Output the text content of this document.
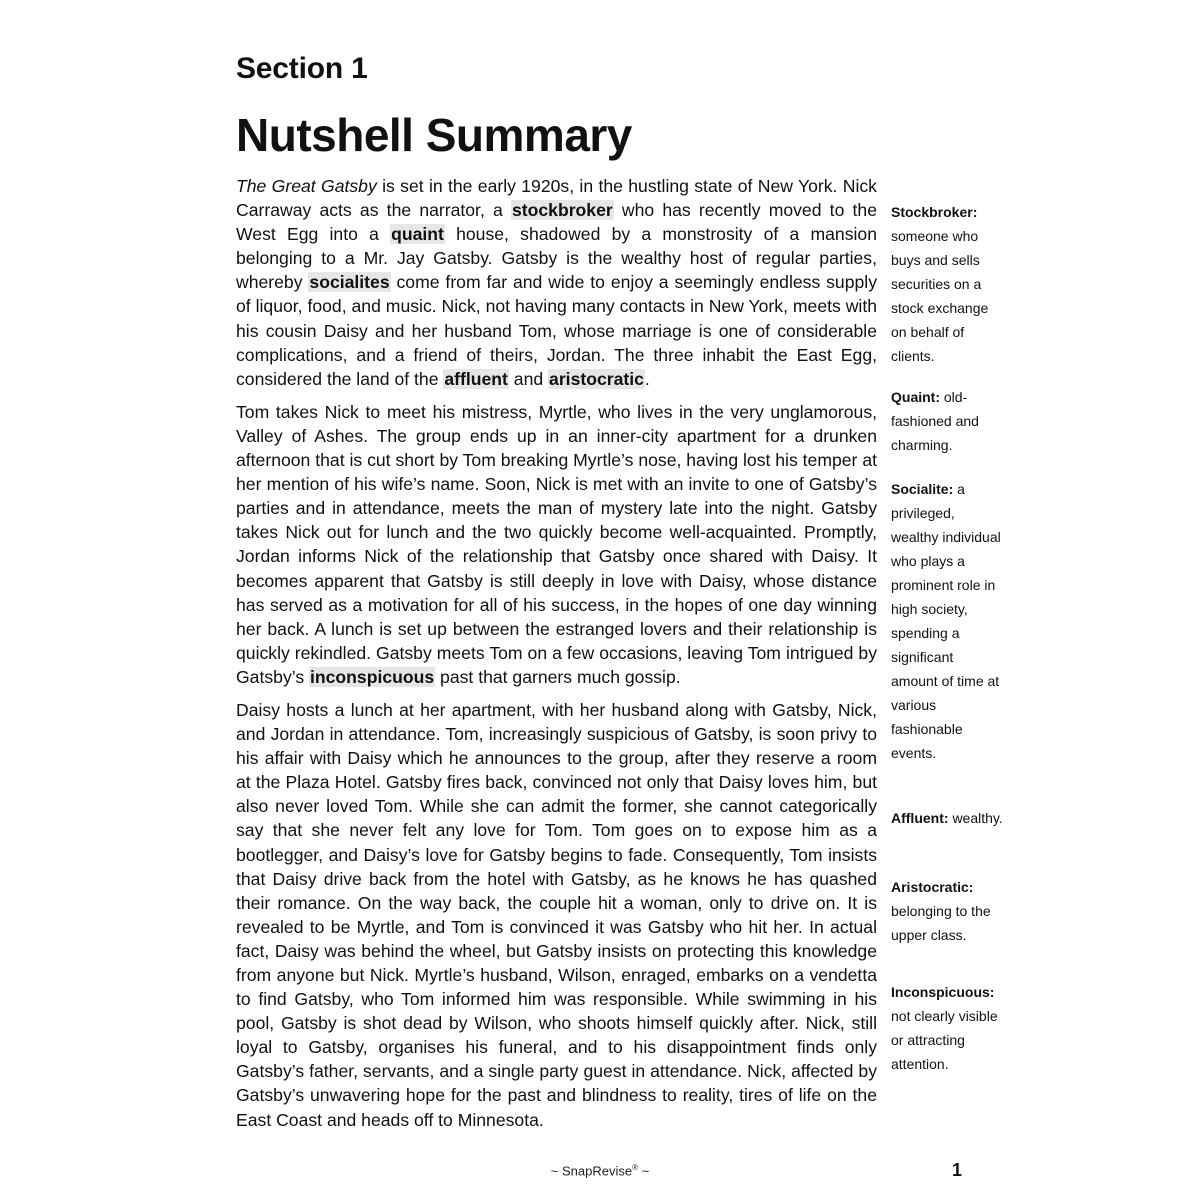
Section 1
Nutshell Summary

The Great Gatsby is set in the early 1920s, in the hustling state of New York. Nick Carraway acts as the narrator, a stockbroker who has recently moved to the West Egg into a quaint house, shadowed by a monstrosity of a mansion belonging to a Mr. Jay Gatsby. Gatsby is the wealthy host of regular parties, whereby socialites come from far and wide to enjoy a seemingly endless supply of liquor, food, and music. Nick, not having many contacts in New York, meets with his cousin Daisy and her husband Tom, whose marriage is one of considerable complications, and a friend of theirs, Jordan. The three inhabit the East Egg, considered the land of the affluent and aristocratic.

Tom takes Nick to meet his mistress, Myrtle, who lives in the very unglamorous, Valley of Ashes. The group ends up in an inner-city apartment for a drunken afternoon that is cut short by Tom breaking Myrtle’s nose, having lost his temper at her mention of his wife’s name. Soon, Nick is met with an invite to one of Gatsby’s parties and in attendance, meets the man of mystery late into the night. Gatsby takes Nick out for lunch and the two quickly become well-acquainted. Promptly, Jordan informs Nick of the relationship that Gatsby once shared with Daisy. It becomes apparent that Gatsby is still deeply in love with Daisy, whose distance has served as a motivation for all of his success, in the hopes of one day winning her back. A lunch is set up between the estranged lovers and their relationship is quickly rekindled. Gatsby meets Tom on a few occasions, leaving Tom intrigued by Gatsby’s inconspicuous past that garners much gossip.

Daisy hosts a lunch at her apartment, with her husband along with Gatsby, Nick, and Jordan in attendance. Tom, increasingly suspicious of Gatsby, is soon privy to his affair with Daisy which he announces to the group, after they reserve a room at the Plaza Hotel. Gatsby fires back, convinced not only that Daisy loves him, but also never loved Tom. While she can admit the former, she cannot categorically say that she never felt any love for Tom. Tom goes on to expose him as a bootlegger, and Daisy’s love for Gatsby begins to fade. Consequently, Tom insists that Daisy drive back from the hotel with Gatsby, as he knows he has quashed their romance. On the way back, the couple hit a woman, only to drive on. It is revealed to be Myrtle, and Tom is convinced it was Gatsby who hit her. In actual fact, Daisy was behind the wheel, but Gatsby insists on protecting this knowledge from anyone but Nick. Myrtle’s husband, Wilson, enraged, embarks on a vendetta to find Gatsby, who Tom informed him was responsible. While swimming in his pool, Gatsby is shot dead by Wilson, who shoots himself quickly after. Nick, still loyal to Gatsby, organises his funeral, and to his disappointment finds only Gatsby’s father, servants, and a single party guest in attendance. Nick, affected by Gatsby’s unwavering hope for the past and blindness to reality, tires of life on the East Coast and heads off to Minnesota.

Stockbroker: someone who buys and sells securities on a stock exchange on behalf of clients.
Quaint: old-fashioned and charming.
Socialite: a privileged, wealthy individual who plays a prominent role in high society, spending a significant amount of time at various fashionable events.
Affluent: wealthy.
Aristocratic: belonging to the upper class.
Inconspicuous: not clearly visible or attracting attention.
~ SnapRevise® ~	1
